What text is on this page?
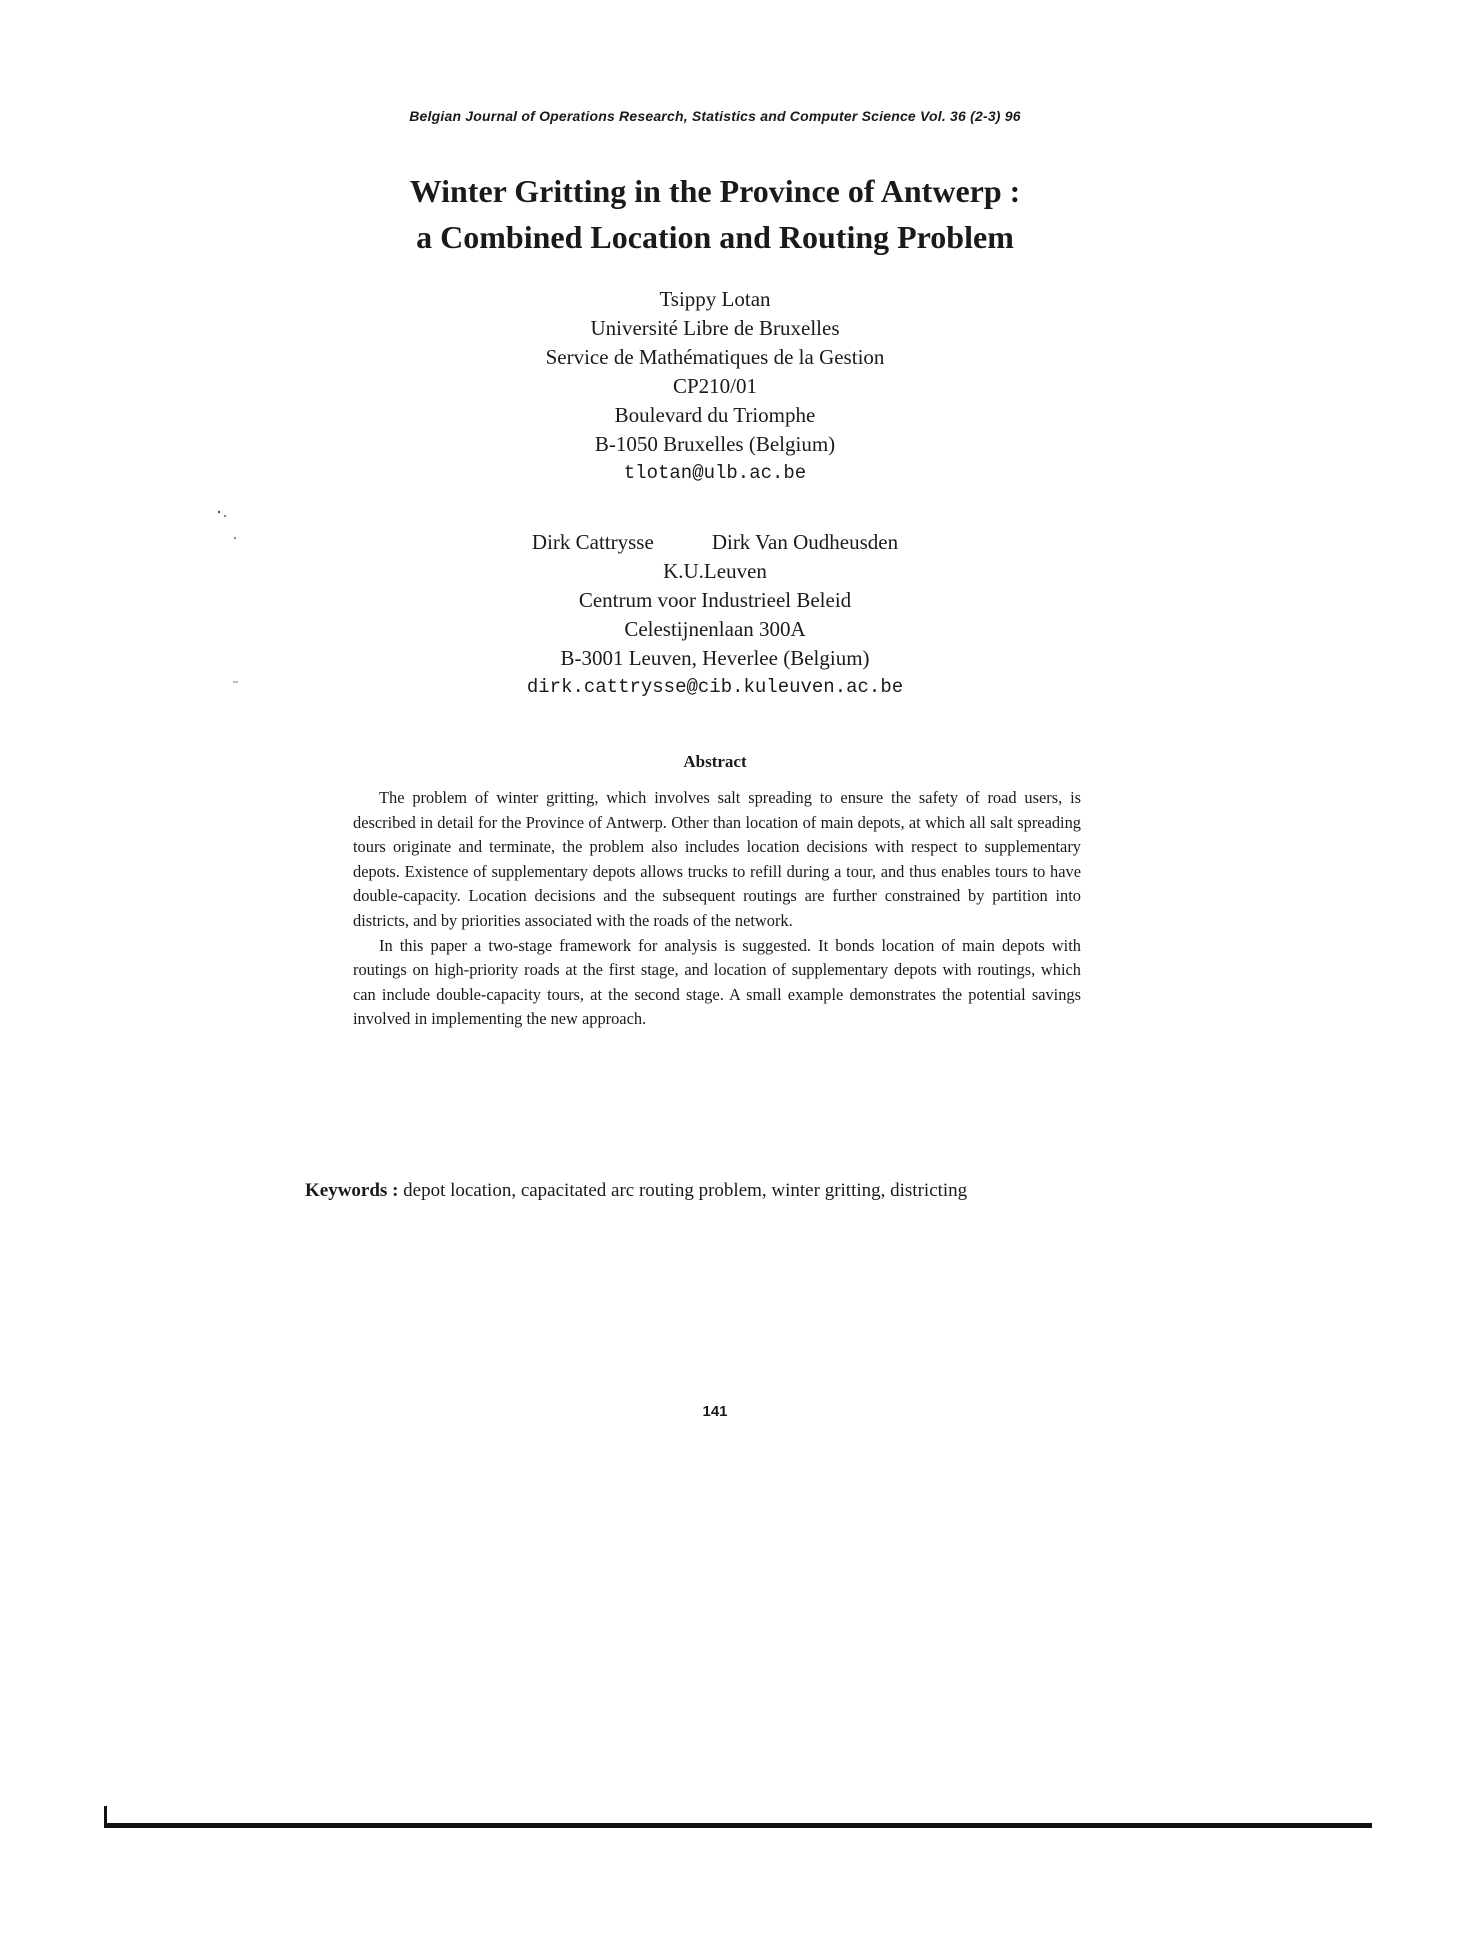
Belgian Journal of Operations Research, Statistics and Computer Science Vol. 36 (2-3) 96
Winter Gritting in the Province of Antwerp :
a Combined Location and Routing Problem
Tsippy Lotan
Université Libre de Bruxelles
Service de Mathématiques de la Gestion
CP210/01
Boulevard du Triomphe
B-1050 Bruxelles (Belgium)
tlotan@ulb.ac.be
Dirk Cattrysse	Dirk Van Oudheusden
K.U.Leuven
Centrum voor Industrieel Beleid
Celestijnenlaan 300A
B-3001 Leuven, Heverlee (Belgium)
dirk.cattrysse@cib.kuleuven.ac.be
Abstract

The problem of winter gritting, which involves salt spreading to ensure the safety of road users, is described in detail for the Province of Antwerp. Other than location of main depots, at which all salt spreading tours originate and terminate, the problem also includes location decisions with respect to supplementary depots. Existence of supplementary depots allows trucks to refill during a tour, and thus enables tours to have double-capacity. Location decisions and the subsequent routings are further constrained by partition into districts, and by priorities associated with the roads of the network.

In this paper a two-stage framework for analysis is suggested. It bonds location of main depots with routings on high-priority roads at the first stage, and location of supplementary depots with routings, which can include double-capacity tours, at the second stage. A small example demonstrates the potential savings involved in implementing the new approach.

Keywords : depot location, capacitated arc routing problem, winter gritting, districting
141
